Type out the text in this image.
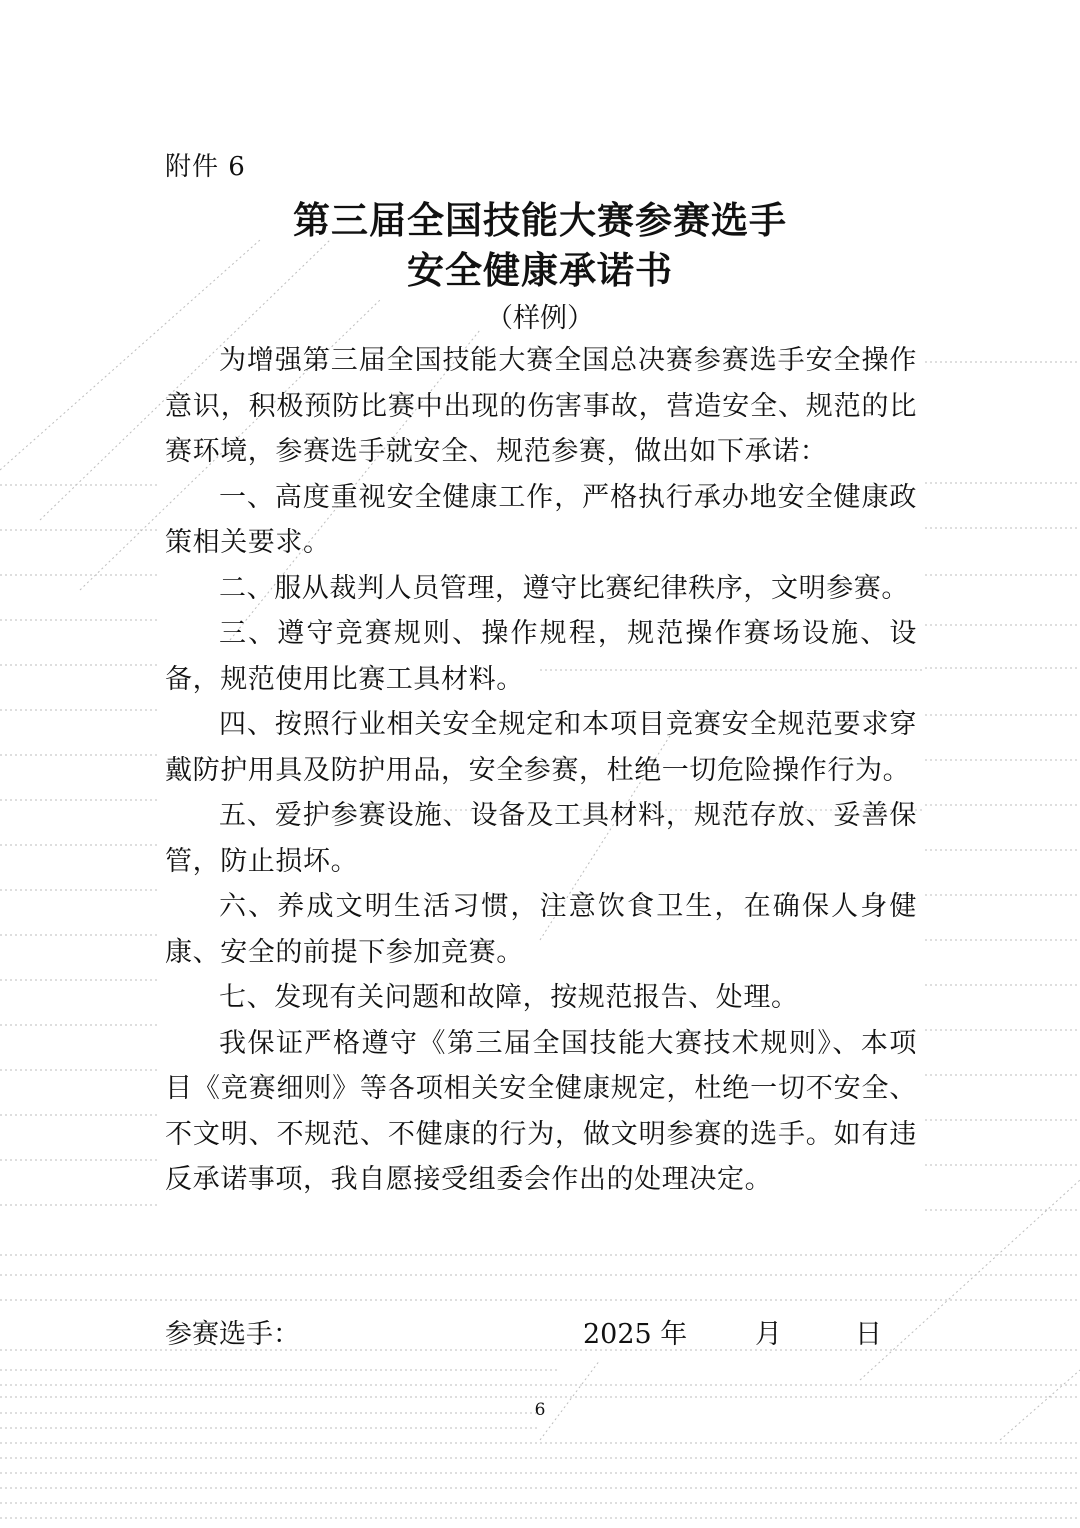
附件 6
第三届全国技能大赛参赛选手
安全健康承诺书
（样例）

为增强第三届全国技能大赛全国总决赛参赛选手安全操作意识，积极预防比赛中出现的伤害事故，营造安全、规范的比赛环境，参赛选手就安全、规范参赛，做出如下承诺：

一、高度重视安全健康工作，严格执行承办地安全健康政策相关要求。

二、服从裁判人员管理，遵守比赛纪律秩序，文明参赛。

三、遵守竞赛规则、操作规程，规范操作赛场设施、设备，规范使用比赛工具材料。

四、按照行业相关安全规定和本项目竞赛安全规范要求穿戴防护用具及防护用品，安全参赛，杜绝一切危险操作行为。

五、爱护参赛设施、设备及工具材料，规范存放、妥善保管，防止损坏。

六、养成文明生活习惯，注意饮食卫生，在确保人身健康、安全的前提下参加竞赛。

七、发现有关问题和故障，按规范报告、处理。

我保证严格遵守《第三届全国技能大赛技术规则》、本项目《竞赛细则》等各项相关安全健康规定，杜绝一切不安全、不文明、不规范、不健康的行为，做文明参赛的选手。如有违反承诺事项，我自愿接受组委会作出的处理决定。

参赛选手：	2025 年	月	日
6
